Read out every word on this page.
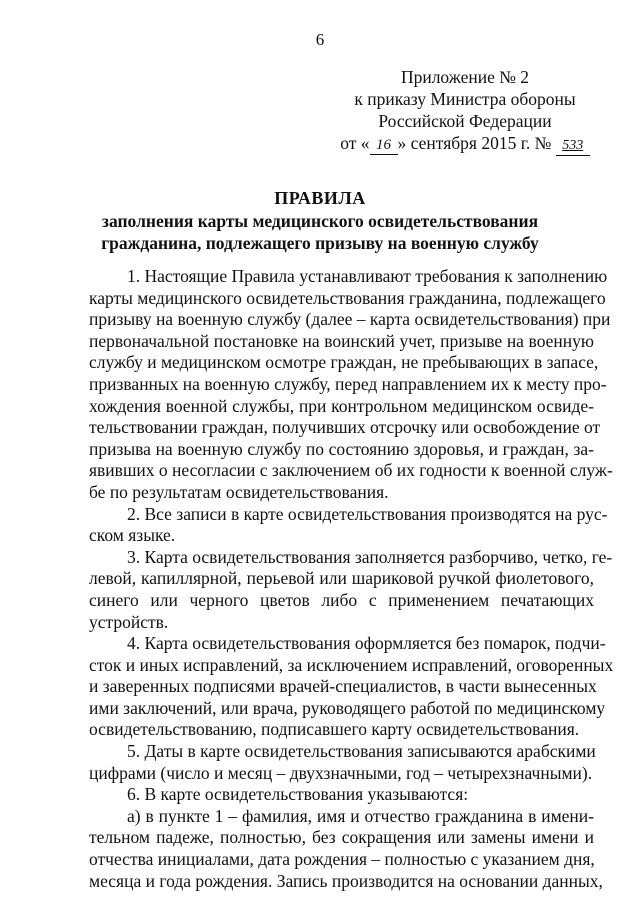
6
Приложение № 2
к приказу Министра обороны
Российской Федерации
от « 16 » сентября 2015 г. № 533
ПРАВИЛА
заполнения карты медицинского освидетельствования
гражданина, подлежащего призыву на военную службу
1. Настоящие Правила устанавливают требования к заполнению
карты медицинского освидетельствования гражданина, подлежащего
призыву на военную службу (далее – карта освидетельствования) при
первоначальной постановке на воинский учет, призыве на военную
службу и медицинском осмотре граждан, не пребывающих в запасе,
призванных на военную службу, перед направлением их к месту про-
хождения военной службы, при контрольном медицинском освиде-
тельствовании граждан, получивших отсрочку или освобождение от
призыва на военную службу по состоянию здоровья, и граждан, за-
явивших о несогласии с заключением об их годности к военной служ-
бе по результатам освидетельствования.
2. Все записи в карте освидетельствования производятся на рус-
ском языке.
3. Карта освидетельствования заполняется разборчиво, четко, ге-
левой, капиллярной, перьевой или шариковой ручкой фиолетового,
синего или черного цветов либо с применением печатающих
устройств.
4. Карта освидетельствования оформляется без помарок, подчи-
сток и иных исправлений, за исключением исправлений, оговоренных
и заверенных подписями врачей-специалистов, в части вынесенных
ими заключений, или врача, руководящего работой по медицинскому
освидетельствованию, подписавшего карту освидетельствования.
5. Даты в карте освидетельствования записываются арабскими
цифрами (число и месяц – двухзначными, год – четырехзначными).
6. В карте освидетельствования указываются:
а) в пункте 1 – фамилия, имя и отчество гражданина в имени-
тельном падеже, полностью, без сокращения или замены имени и
отчества инициалами, дата рождения – полностью с указанием дня,
месяца и года рождения. Запись производится на основании данных,
